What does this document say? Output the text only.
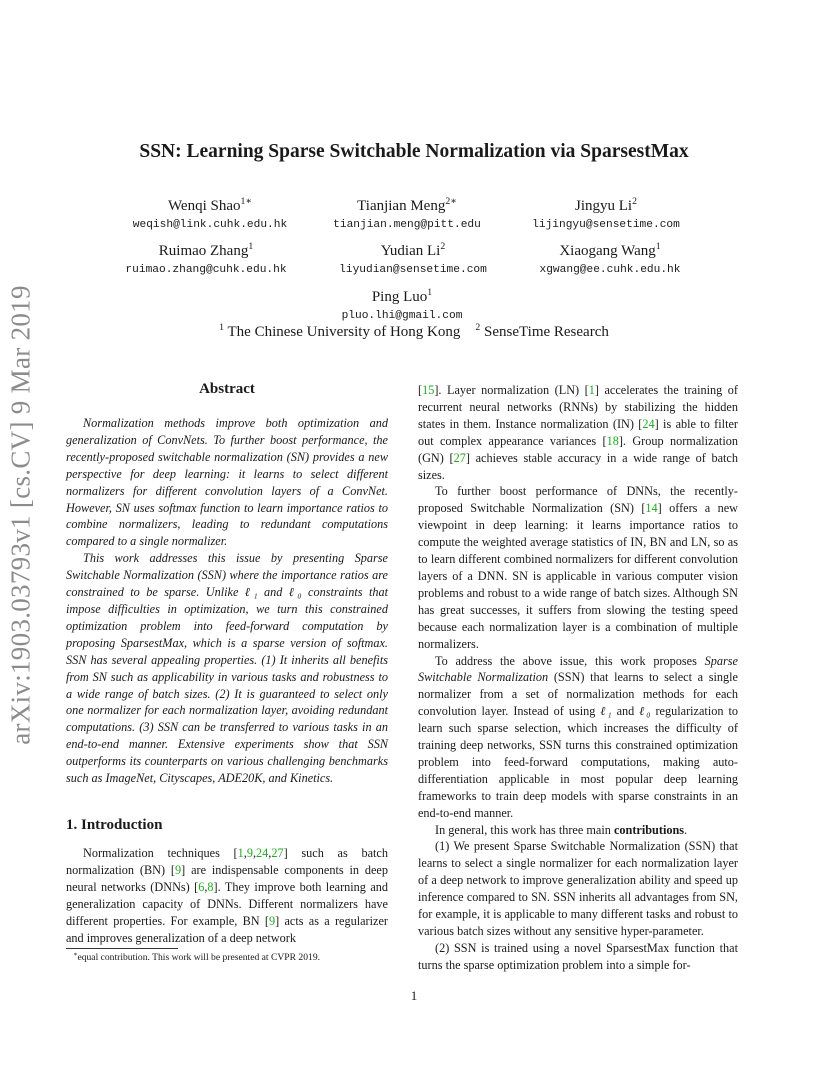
arXiv:1903.03793v1 [cs.CV] 9 Mar 2019
SSN: Learning Sparse Switchable Normalization via SparsestMax
Wenqi Shao$^{1∗}$
weqish@link.cuhk.edu.hk
Tianjian Meng$^{2∗}$
tianjian.meng@pitt.edu
Jingyu Li$^2$
lijingyu@sensetime.com
Ruimao Zhang$^1$
ruimao.zhang@cuhk.edu.hk
Yudian Li$^2$
liyudian@sensetime.com
Xiaogang Wang$^1$
xgwang@ee.cuhk.edu.hk
Ping Luo$^1$
pluo.lhi@gmail.com
$^1$ The Chinese University of Hong Kong $^2$ SenseTime Research
Abstract

Normalization methods improve both optimization and generalization of ConvNets. To further boost performance, the recently-proposed switchable normalization (SN) provides a new perspective for deep learning: it learns to select different normalizers for different convolution layers of a ConvNet. However, SN uses softmax function to learn importance ratios to combine normalizers, leading to redundant computations compared to a single normalizer.

This work addresses this issue by presenting Sparse Switchable Normalization (SSN) where the importance ratios are constrained to be sparse. Unlike ℓ₁ and ℓ₀ constraints that impose difficulties in optimization, we turn this constrained optimization problem into feed-forward computation by proposing SparsestMax, which is a sparse version of softmax. SSN has several appealing properties. (1) It inherits all benefits from SN such as applicability in various tasks and robustness to a wide range of batch sizes. (2) It is guaranteed to select only one normalizer for each normalization layer, avoiding redundant computations. (3) SSN can be transferred to various tasks in an end-to-end manner. Extensive experiments show that SSN outperforms its counterparts on various challenging benchmarks such as ImageNet, Cityscapes, ADE20K, and Kinetics.

1. Introduction

Normalization techniques [1,9,24,27] such as batch normalization (BN) [9] are indispensable components in deep neural networks (DNNs) [6,8]. They improve both learning and generalization capacity of DNNs. Different normalizers have different properties. For example, BN [9] acts as a regularizer and improves generalization of a deep network

[15]. Layer normalization (LN) [1] accelerates the training of recurrent neural networks (RNNs) by stabilizing the hidden states in them. Instance normalization (IN) [24] is able to filter out complex appearance variances [18]. Group normalization (GN) [27] achieves stable accuracy in a wide range of batch sizes.

To further boost performance of DNNs, the recently-proposed Switchable Normalization (SN) [14] offers a new viewpoint in deep learning: it learns importance ratios to compute the weighted average statistics of IN, BN and LN, so as to learn different combined normalizers for different convolution layers of a DNN. SN is applicable in various computer vision problems and robust to a wide range of batch sizes. Although SN has great successes, it suffers from slowing the testing speed because each normalization layer is a combination of multiple normalizers.

To address the above issue, this work proposes Sparse Switchable Normalization (SSN) that learns to select a single normalizer from a set of normalization methods for each convolution layer. Instead of using ℓ₁ and ℓ₀ regularization to learn such sparse selection, which increases the difficulty of training deep networks, SSN turns this constrained optimization problem into feed-forward computations, making auto-differentiation applicable in most popular deep learning frameworks to train deep models with sparse constraints in an end-to-end manner.

In general, this work has three main contributions.

(1) We present Sparse Switchable Normalization (SSN) that learns to select a single normalizer for each normalization layer of a deep network to improve generalization ability and speed up inference compared to SN. SSN inherits all advantages from SN, for example, it is applicable to many different tasks and robust to various batch sizes without any sensitive hyper-parameter.

(2) SSN is trained using a novel SparsestMax function that turns the sparse optimization problem into a simple for-

∗equal contribution. This work will be presented at CVPR 2019.
1
